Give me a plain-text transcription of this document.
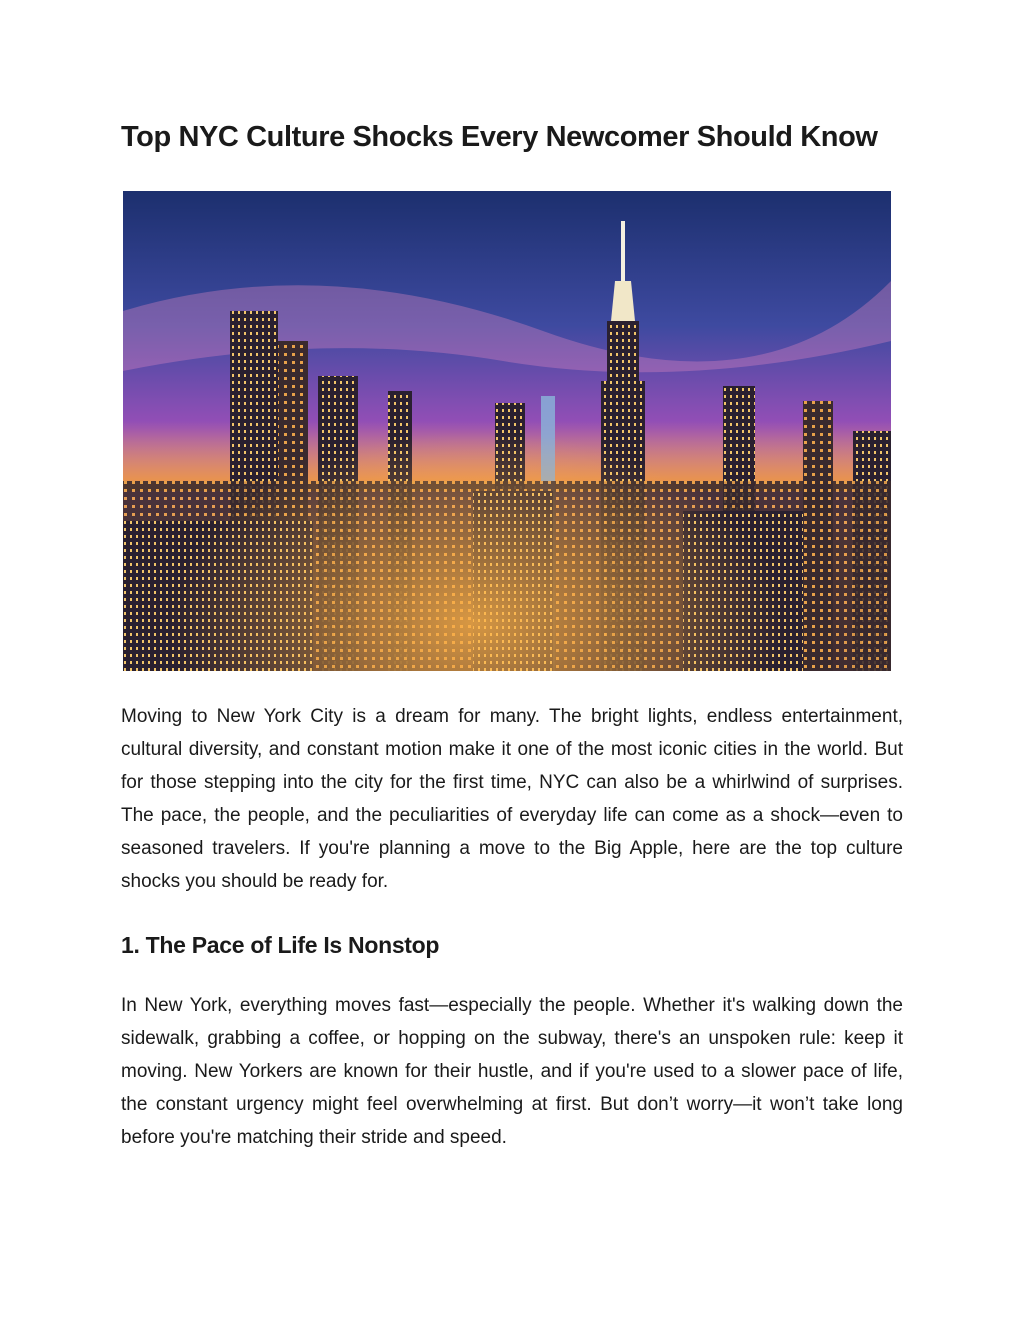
Top NYC Culture Shocks Every Newcomer Should Know

Moving to New York City is a dream for many. The bright lights, endless entertainment, cultural diversity, and constant motion make it one of the most iconic cities in the world. But for those stepping into the city for the first time, NYC can also be a whirlwind of surprises. The pace, the people, and the peculiarities of everyday life can come as a shock—even to seasoned travelers. If you're planning a move to the Big Apple, here are the top culture shocks you should be ready for.

1. The Pace of Life Is Nonstop

In New York, everything moves fast—especially the people. Whether it's walking down the sidewalk, grabbing a coffee, or hopping on the subway, there's an unspoken rule: keep it moving. New Yorkers are known for their hustle, and if you're used to a slower pace of life, the constant urgency might feel overwhelming at first. But don’t worry—it won’t take long before you're matching their stride and speed.
